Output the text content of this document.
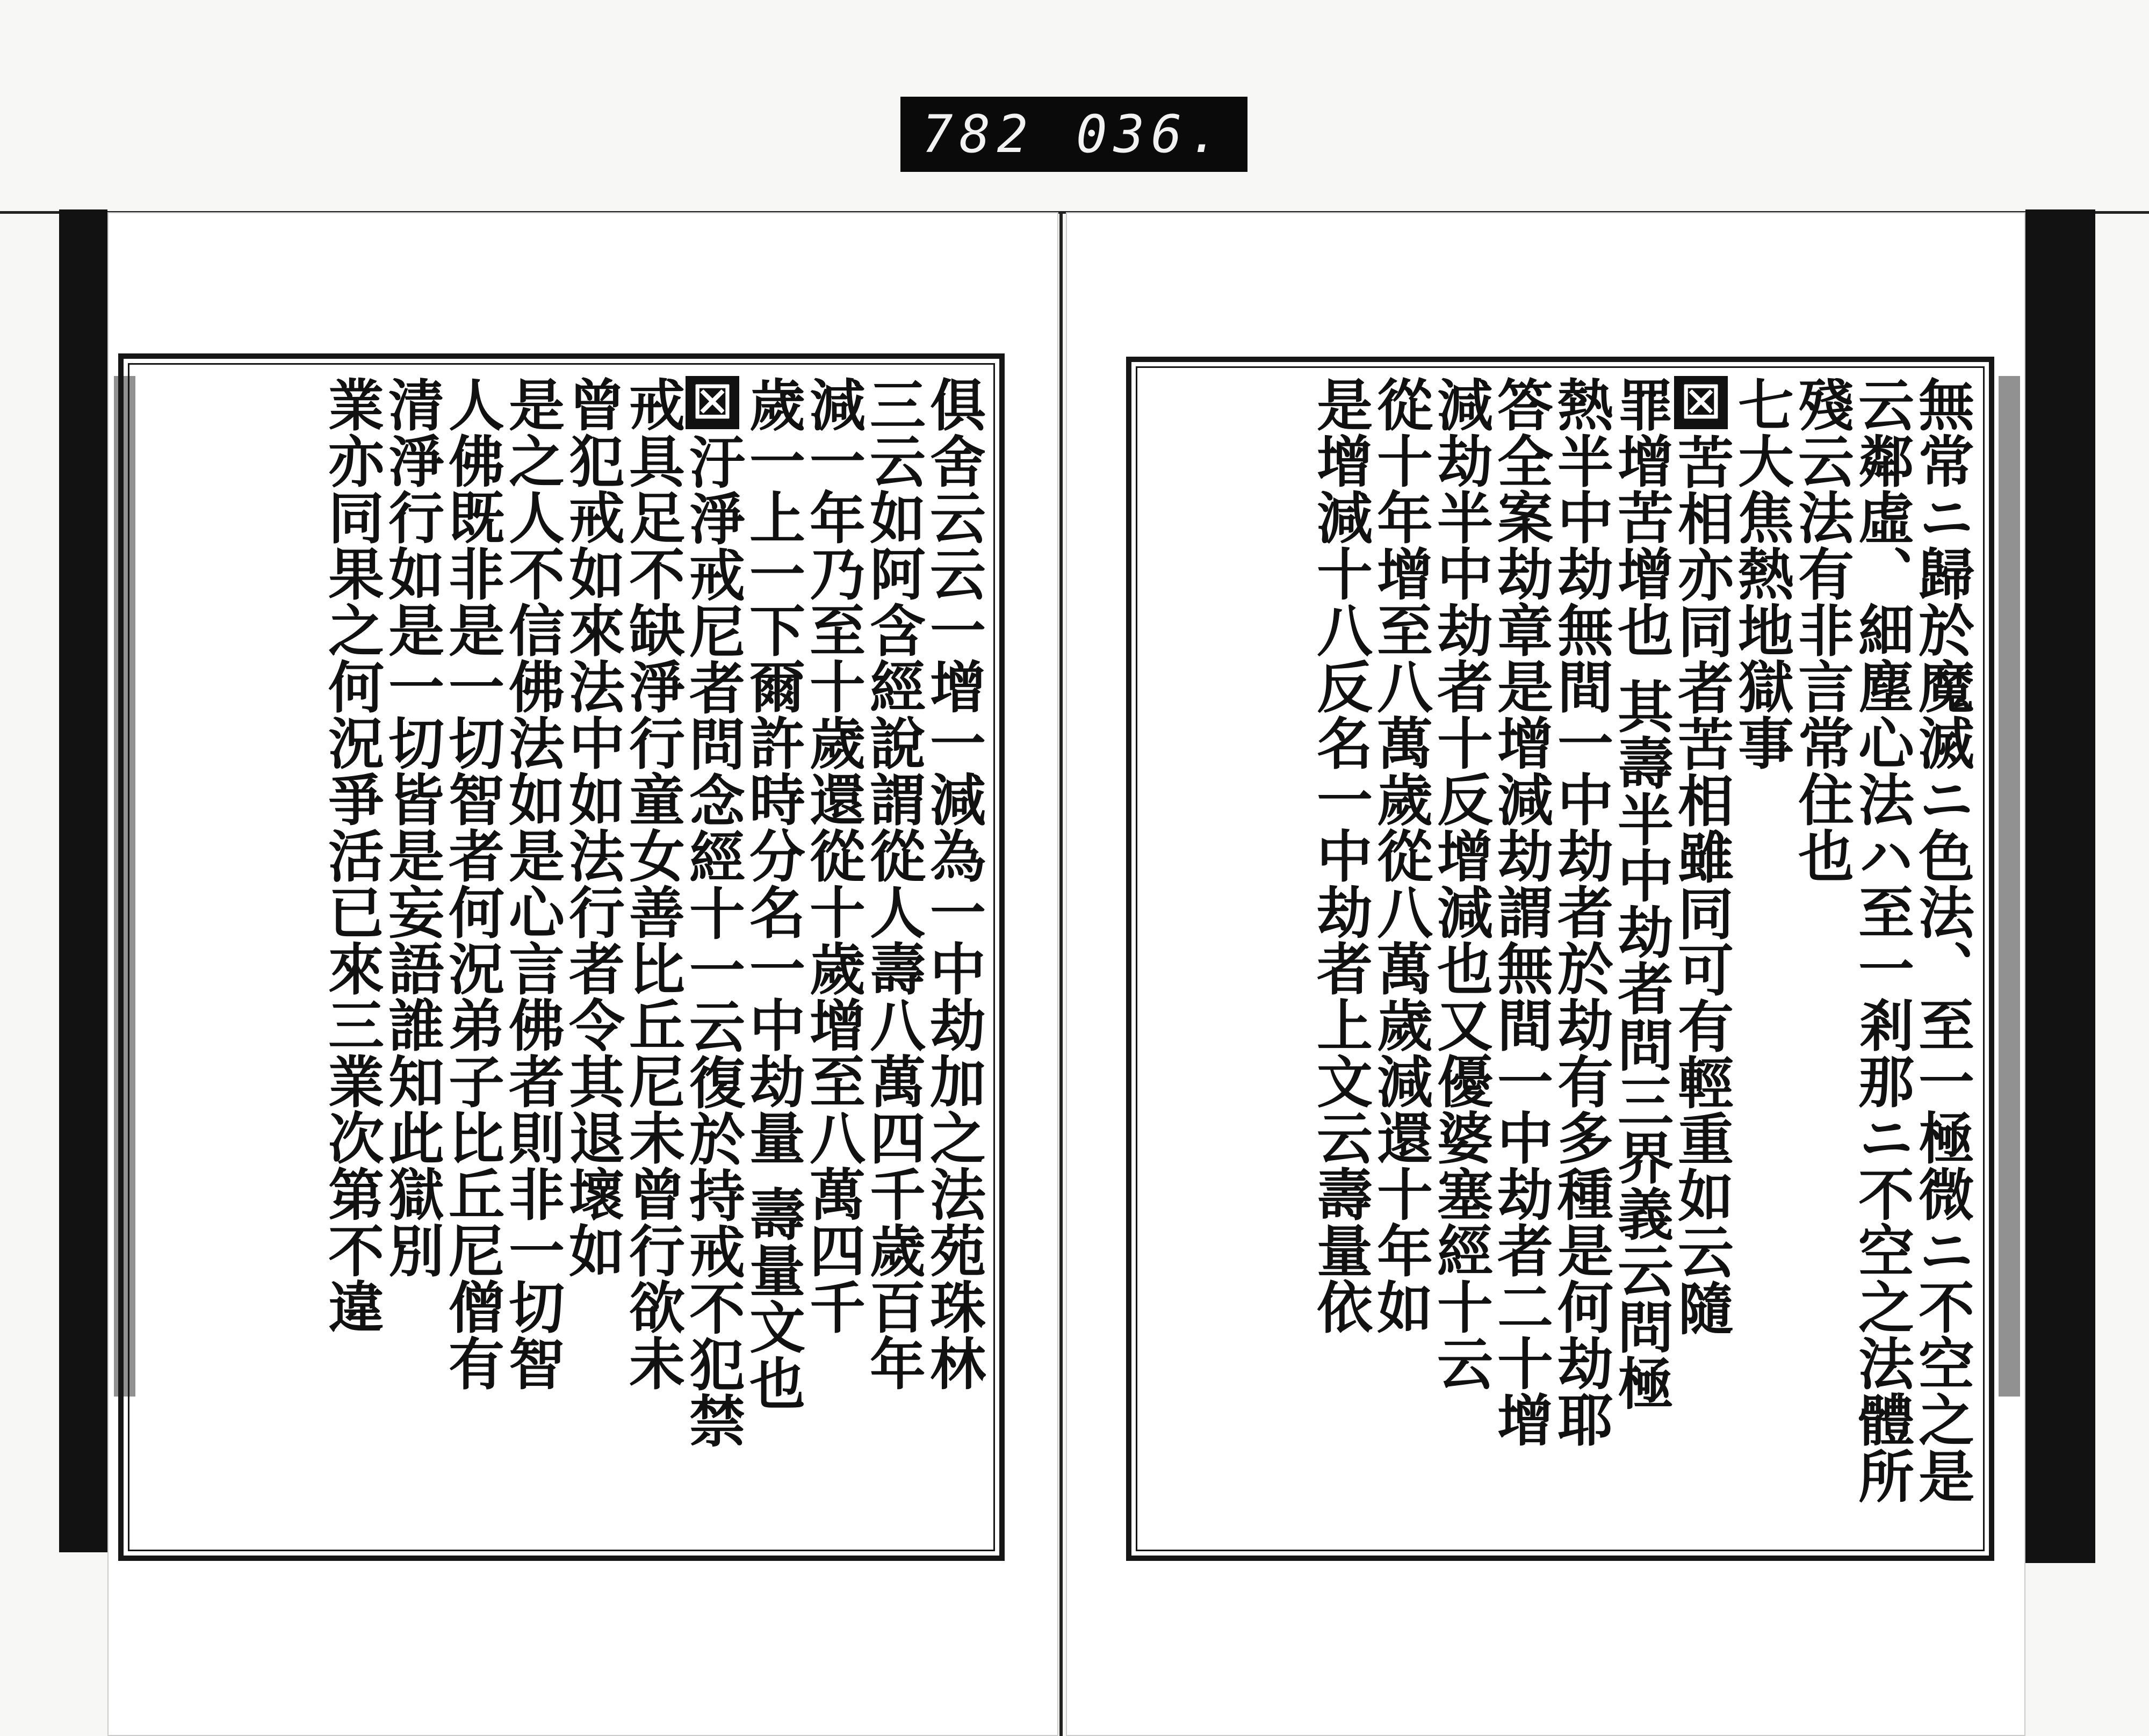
782 036.
無常ニ歸於魔滅ニ色法、至一極微ニ不空之是
云鄰虛、細塵心法ハ至一剎那ニ不空之法體所
殘云法有非言常住也
七大焦熱地獄事
☒苦相亦同者苦相雖同可有輕重如云隨
罪增苦增也 其壽半中劫者問三界義云問極
熱半中劫無間一中劫者於劫有多種是何劫耶
答全案劫章是增減劫謂無間一中劫者二十增
減劫半中劫者十反增減也又優婆塞經十云
從十年增至八萬歲從八萬歲減還十年如
是增減十八反名一中劫者上文云壽量依
俱舍云云一增一減為一中劫加之法苑珠林
三云如阿含經說謂從人壽八萬四千歲百年
減一年乃至十歲還從十歲增至八萬四千
歲一上一下爾許時分名一中劫量 壽量文也
☒汙淨戒尼者問念經十一云復於持戒不犯禁
戒具足不缺淨行童女善比丘尼未曾行欲未
曾犯戒如來法中如法行者令其退壞如
是之人不信佛法如是心言佛者則非一切智
人佛既非是一切智者何況弟子比丘尼僧有
清淨行如是一切皆是妄語誰知此獄別
業亦同果之何況爭活已來三業次第不違
